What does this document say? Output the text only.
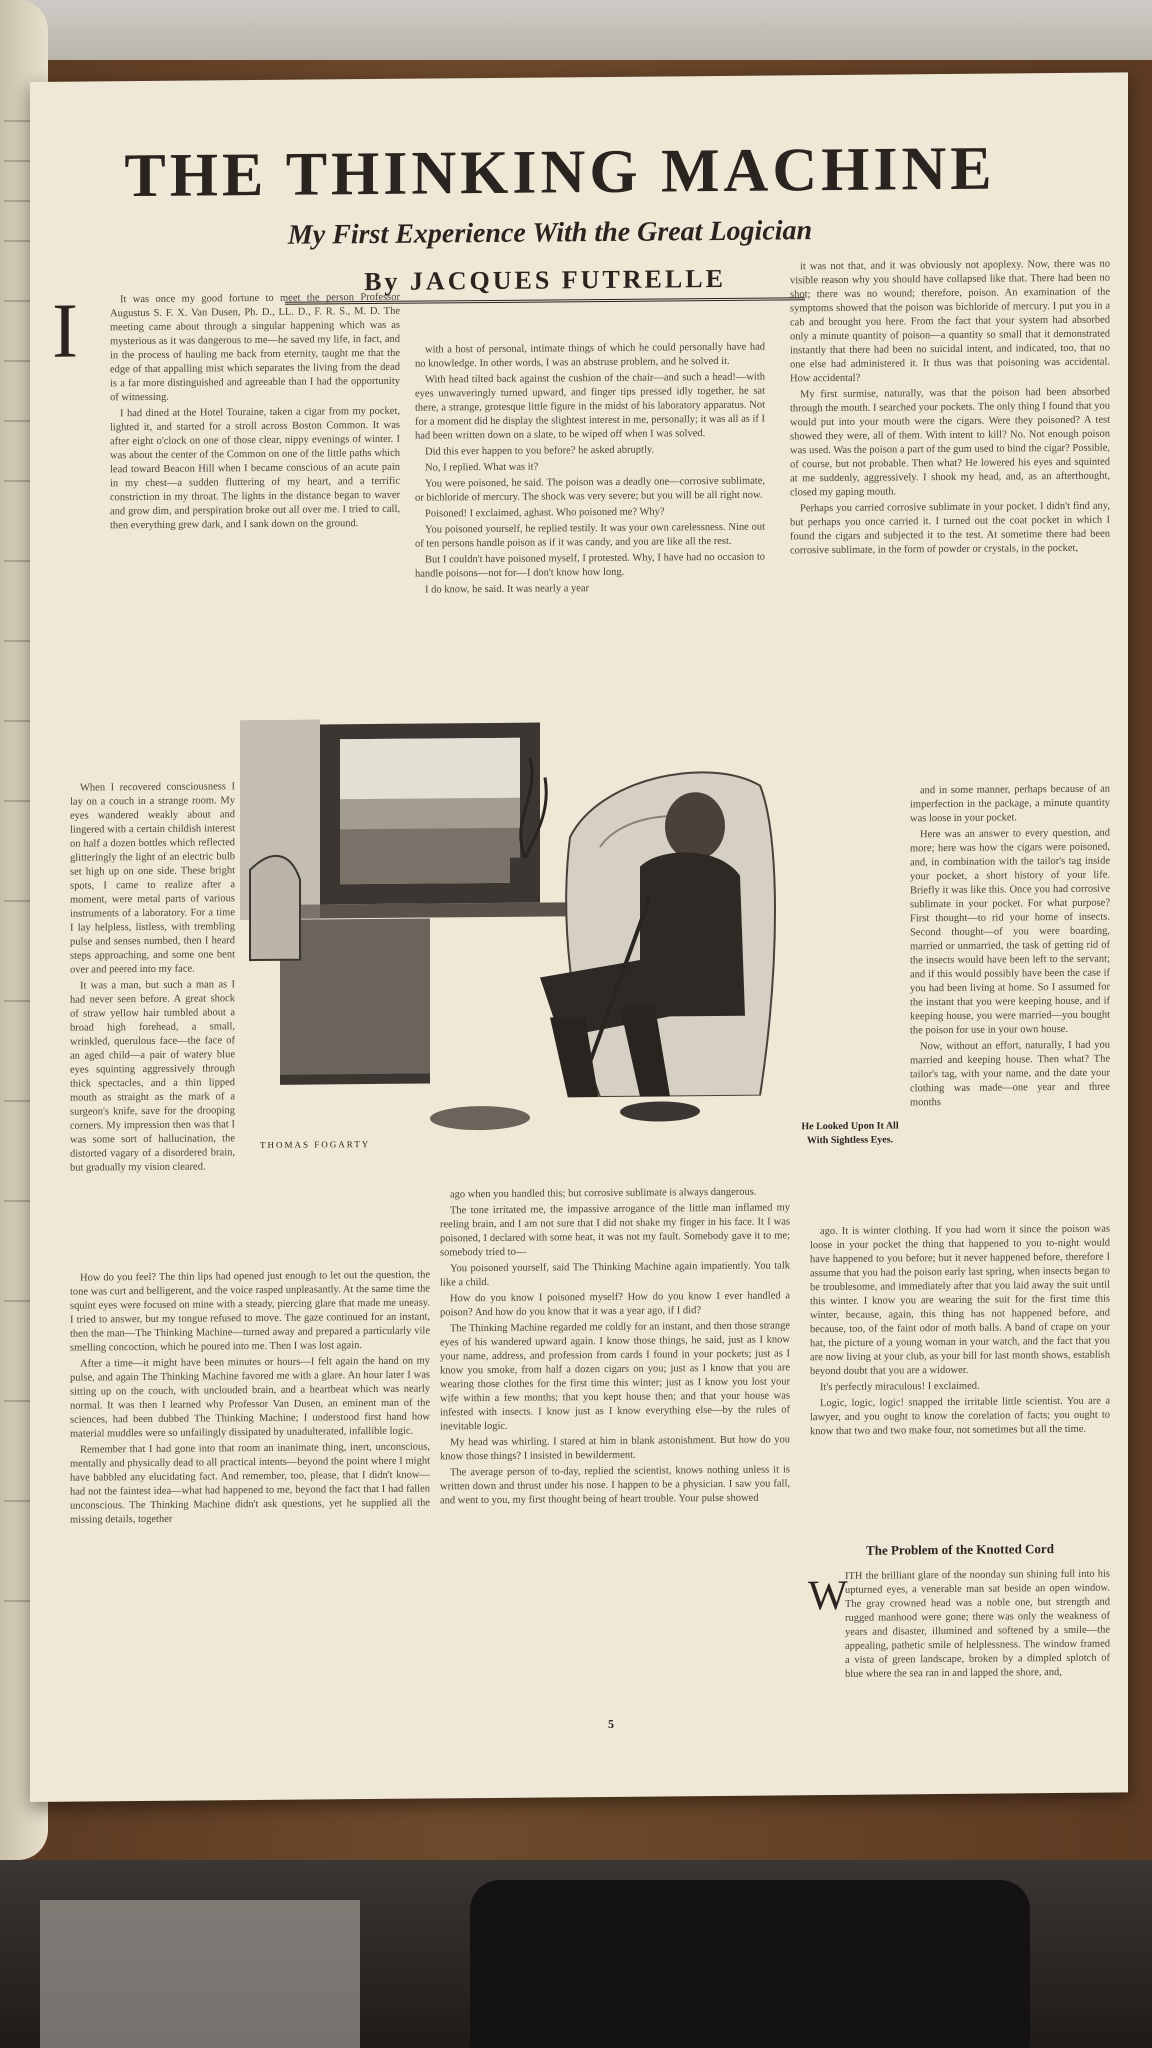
THE THINKING MACHINE
My First Experience With the Great Logician
By JACQUES FUTRELLE
I	It was once my good fortune to meet the person Professor Augustus S. F. X. Van Dusen, Ph. D., LL. D., F. R. S., M. D. The meeting came about through a singular happening which was as mysterious as it was dangerous to me—he saved my life, in fact, and in the process of hauling me back from eternity, taught me that the edge of that appalling mist which separates the living from the dead is a far more distinguished and agreeable than I had the opportunity of witnessing.

I had dined at the Hotel Touraine, taken a cigar from my pocket, lighted it, and started for a stroll across Boston Common. It was after eight o'clock on one of those clear, nippy evenings of winter. I was about the center of the Common on one of the little paths which lead toward Beacon Hill when I became conscious of an acute pain in my chest—a sudden fluttering of my heart, and a terrific constriction in my throat. The lights in the distance began to waver and grow dim, and perspiration broke out all over me. I tried to call, then everything grew dark, and I sank down on the ground.

When I recovered consciousness I lay on a couch in a strange room. My eyes wandered weakly about and lingered with a certain childish interest on half a dozen bottles which reflected glitteringly the light of an electric bulb set high up on one side. These bright spots, I came to realize after a moment, were metal parts of various instruments of a laboratory. For a time I lay helpless, listless, with trembling pulse and senses numbed, then I heard steps approaching, and some one bent over and peered into my face.

It was a man, but such a man as I had never seen before. A great shock of straw yellow hair tumbled about a broad high forehead, a small, wrinkled, querulous face—the face of an aged child—a pair of watery blue eyes squinting aggressively through thick spectacles, and a thin lipped mouth as straight as the mark of a surgeon's knife, save for the drooping corners. My impression then was that I was some sort of hallucination, the distorted vagary of a disordered brain, but gradually my vision cleared.

How do you feel? The thin lips had opened just enough to let out the question, the tone was curt and belligerent, and the voice rasped unpleasantly. At the same time the squint eyes were focused on mine with a steady, piercing glare that made me uneasy. I tried to answer, but my tongue refused to move. The gaze continued for an instant, then the man—The Thinking Machine—turned away and prepared a particularly vile smelling concoction, which he poured into me. Then I was lost again.

After a time—it might have been minutes or hours—I felt again the hand on my pulse, and again The Thinking Machine favored me with a glare. An hour later I was sitting up on the couch, with unclouded brain, and a heartbeat which was nearly normal. It was then I learned why Professor Van Dusen, an eminent man of the sciences, had been dubbed The Thinking Machine; I understood first hand how material muddles were so unfailingly dissipated by unadulterated, infallible logic.

Remember that I had gone into that room an inanimate thing, inert, unconscious, mentally and physically dead to all practical intents—beyond the point where I might have babbled any elucidating fact. And remember, too, please, that I didn't know—had not the faintest idea—what had happened to me, beyond the fact that I had fallen unconscious. The Thinking Machine didn't ask questions, yet he supplied all the missing details, together

with a host of personal, intimate things of which he could personally have had no knowledge. In other words, I was an abstruse problem, and he solved it.

With head tilted back against the cushion of the chair—and such a head!—with eyes unwaveringly turned upward, and finger tips pressed idly together, he sat there, a strange, grotesque little figure in the midst of his laboratory apparatus. Not for a moment did he display the slightest interest in me, personally; it was all as if I had been written down on a slate, to be wiped off when I was solved.

Did this ever happen to you before? he asked abruptly.

No, I replied. What was it?

You were poisoned, he said. The poison was a deadly one—corrosive sublimate, or bichloride of mercury. The shock was very severe; but you will be all right now.

Poisoned! I exclaimed, aghast. Who poisoned me? Why?

You poisoned yourself, he replied testily. It was your own carelessness. Nine out of ten persons handle poison as if it was candy, and you are like all the rest.

But I couldn't have poisoned myself, I protested. Why, I have had no occasion to handle poisons—not for—I don't know how long.

I do know, he said. It was nearly a year

ago when you handled this; but corrosive sublimate is always dangerous.

The tone irritated me, the impassive arrogance of the little man inflamed my reeling brain, and I am not sure that I did not shake my finger in his face. It I was poisoned, I declared with some heat, it was not my fault. Somebody gave it to me; somebody tried to—

You poisoned yourself, said The Thinking Machine again impatiently. You talk like a child.

How do you know I poisoned myself? How do you know I ever handled a poison? And how do you know that it was a year ago, if I did?

The Thinking Machine regarded me coldly for an instant, and then those strange eyes of his wandered upward again. I know those things, he said, just as I know your name, address, and profession from cards I found in your pockets; just as I know you smoke, from half a dozen cigars on you; just as I know that you are wearing those clothes for the first time this winter; just as I know you lost your wife within a few months; that you kept house then; and that your house was infested with insects. I know just as I know everything else—by the rules of inevitable logic.

My head was whirling. I stared at him in blank astonishment. But how do you know those things? I insisted in bewilderment.

The average person of to-day, replied the scientist, knows nothing unless it is written down and thrust under his nose. I happen to be a physician. I saw you fall, and went to you, my first thought being of heart trouble. Your pulse showed

it was not that, and it was obviously not apoplexy. Now, there was no visible reason why you should have collapsed like that. There had been no shot; there was no wound; therefore, poison. An examination of the symptoms showed that the poison was bichloride of mercury. I put you in a cab and brought you here. From the fact that your system had absorbed only a minute quantity of poison—a quantity so small that it demonstrated instantly that there had been no suicidal intent, and indicated, too, that no one else had administered it. It thus was that poisoning was accidental. How accidental?

My first surmise, naturally, was that the poison had been absorbed through the mouth. I searched your pockets. The only thing I found that you would put into your mouth were the cigars. Were they poisoned? A test showed they were, all of them. With intent to kill? No. Not enough poison was used. Was the poison a part of the gum used to bind the cigar? Possible, of course, but not probable. Then what? He lowered his eyes and squinted at me suddenly, aggressively. I shook my head, and, as an afterthought, closed my gaping mouth.

Perhaps you carried corrosive sublimate in your pocket. I didn't find any, but perhaps you once carried it. I turned out the coat pocket in which I found the cigars and subjected it to the test. At sometime there had been corrosive sublimate, in the form of powder or crystals, in the pocket,

and in some manner, perhaps because of an imperfection in the package, a minute quantity was loose in your pocket.

Here was an answer to every question, and more; here was how the cigars were poisoned, and, in combination with the tailor's tag inside your pocket, a short history of your life. Briefly it was like this. Once you had corrosive sublimate in your pocket. For what purpose? First thought—to rid your home of insects. Second thought—of you were boarding, married or unmarried, the task of getting rid of the insects would have been left to the servant; and if this would possibly have been the case if you had been living at home. So I assumed for the instant that you were keeping house, and if keeping house, you were married—you bought the poison for use in your own house.

Now, without an effort, naturally, I had you married and keeping house. Then what? The tailor's tag, with your name, and the date your clothing was made—one year and three months

ago. It is winter clothing. If you had worn it since the poison was loose in your pocket the thing that happened to you to-night would have happened to you before; but it never happened before, therefore I assume that you had the poison early last spring, when insects began to be troublesome, and immediately after that you laid away the suit until this winter. I know you are wearing the suit for the first time this winter, because, again, this thing has not happened before, and because, too, of the faint odor of moth balls. A band of crape on your hat, the picture of a young woman in your watch, and the fact that you are now living at your club, as your bill for last month shows, establish beyond doubt that you are a widower.

It's perfectly miraculous! I exclaimed.

Logic, logic, logic! snapped the irritable little scientist. You are a lawyer, and you ought to know the corelation of facts; you ought to know that two and two make four, not sometimes but all the time.

The Problem of the Knotted Cord
W

ITH the brilliant glare of the noonday sun shining full into his upturned eyes, a venerable man sat beside an open window. The gray crowned head was a noble one, but strength and rugged manhood were gone; there was only the weakness of years and disaster, illumined and softened by a smile—the appealing, pathetic smile of helplessness. The window framed a vista of green landscape, broken by a dimpled splotch of blue where the sea ran in and lapped the shore, and,

THOMAS FOGARTY
He Looked Upon It All With Sightless Eyes.
5
